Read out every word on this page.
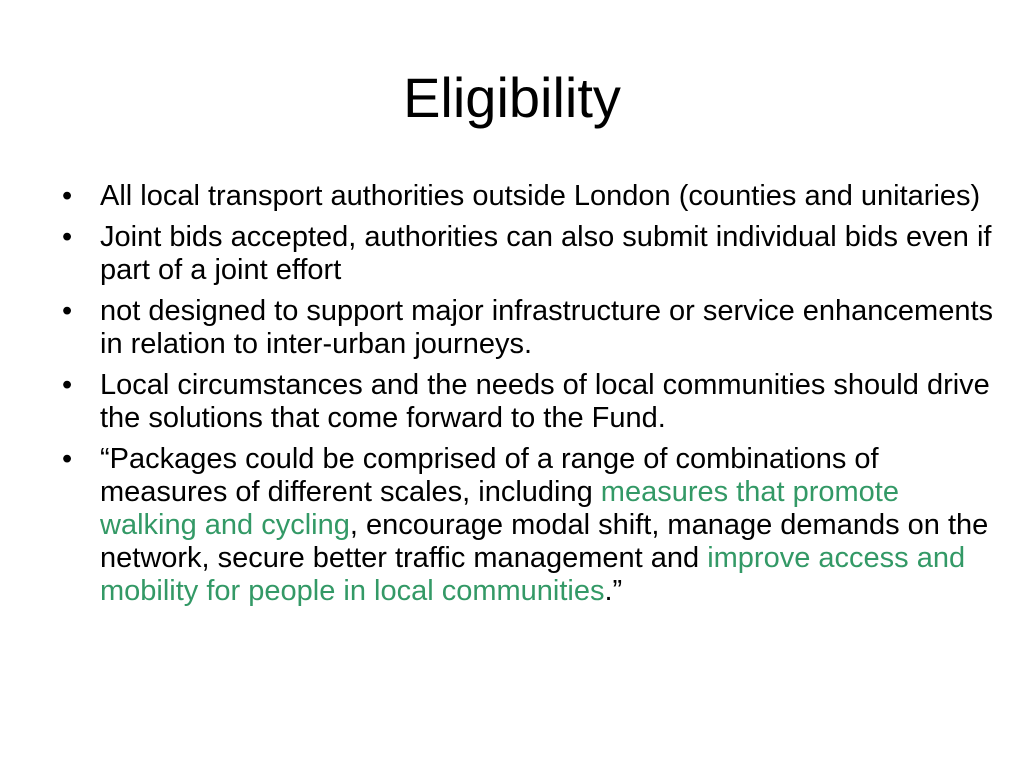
Eligibility
• All local transport authorities outside London (counties and unitaries)
• Joint bids accepted, authorities can also submit individual bids even if part of a joint effort
• not designed to support major infrastructure or service enhancements in relation to inter-urban journeys.
• Local circumstances and the needs of local communities should drive the solutions that come forward to the Fund.
• “Packages could be comprised of a range of combinations of measures of different scales, including measures that promote walking and cycling, encourage modal shift, manage demands on the network, secure better traffic management and improve access and mobility for people in local communities.”
